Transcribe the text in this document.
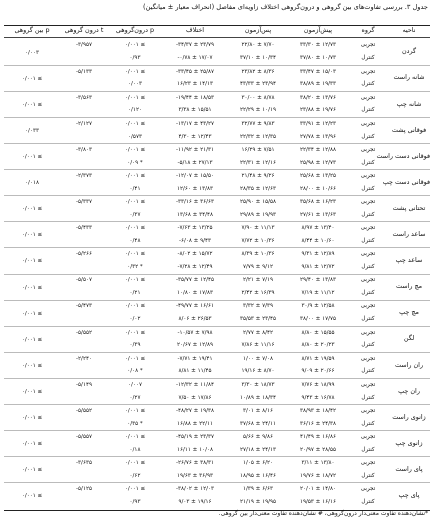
جدول ۳. بررسی تفاوت‌های بین گروهی و درون‌گروهی اختلاف زاویه‌ای مفاصل (انحراف معیار ± میانگین)
ناحیه
گروه
پیش‌آزمون
پس‌آزمون
اختلاف
p درون‌گروهی
t درون گروهی
p بین گروهی
گردن
تجربی
۳۳/۳۰ ± ۱۲/۷۳
۲۲/۸۰ ± ۷/۷۰
-۳۴/۳۷ ± ۲۳/۷۹
۰/۰۰۱ ≤
کنترل
۳۷/۸۰ ± ۱۰/۷۳
۳۷/۱۰ ± ۱۰/۳۴
-۰/۷۸ ± ۱۷/۰۷
۰/۹۳
-۳/۹۵۷
۰/۰۰۳
شانه راست
تجربی
۳۳/۴۷ ± ۱۵/۰۳
۲۳/۸۲ ± ۸/۳۶
-۳۳/۴۵ ± ۲۵/۸۷
۰/۰۰۱ ≤
کنترل
۳۸/۸۹ ± ۱۹/۳۳
۴۳/۳۳ ± ۲۳/۹۴
۱۶/۲۳ ± ۱۴/۱۳
۰/۰۰۳
-۵/۱۳۳
۰/۰۰۱ ≤
شانه چپ
تجربی
۳۸/۲۰ ± ۱۳/۷۶
۳۰/۰۰ ± ۸/۷۸
-۱۹/۴۴ ± ۱۸/۵۳
۰/۰۰۱ ≤
کنترل
۲۳/۸۸ ± ۱۹/۷۶
۲۲/۲۹ ± ۱۰/۱۹
۳/۳۸ ± ۱۵/۵۱
۰/۱۲۰
-۳/۵۶۳
۰/۰۰۱ ≤
فوقانی پشت
تجربی
۳۳/۹۱ ± ۱۲/۲۳
۳۲/۷۷ ± ۹/۸۳
-۱۳/۱۷ ± ۴۳/۲۷
۰/۰۰۱ ≤
کنترل
۲۷/۷۸ ± ۱۳/۹۶
۲۲/۳۲ ± ۱۲/۳۵
۴/۳۰ ± ۱۲/۴۳
۰/۵۷۳
-۲/۱۲۷
۰/۰۳۳
فوقانی دست راست
تجربی
۲۲/۳۴ ± ۱۲/۸۸
۱۶/۲۹ ± ۷/۵۱
-۱۱/۹۲ ± ۲۱/۳۱
۰/۰۰۱ ≤
کنترل
۲۵/۹۸ ± ۱۲/۷۳
۲۲/۳۱ ± ۱۲/۱۶
-۵/۱۸ ± ۲۷/۱۳
۰/۰۹ *
-۳/۸۰۳
۰/۰۰۱ ≤
فوقانی دست چپ
تجربی
۲۵/۶۸ ± ۱۳/۲۵
۲۱/۴۸ ± ۹/۲۶
-۱۲/۰۷ ± ۱۵/۵۰
۰/۰۰۱ ≤
کنترل
۲۸/۰۰ ± ۱۰/۶۶
۲۸/۳۵ ± ۱۲/۶۳
۱۲/۶۰ ± ۱۳/۸۳
۰/۴۱
-۲/۳۷۳
۰/۰۱۸
تحتانی پشت
تجربی
۳۵/۶۸ ± ۱۶/۲۳
۲۵/۹۰ ± ۱۵/۵۸
-۳۳/۱۶ ± ۳۶/۶۳
۰/۰۰۱ ≤
کنترل
۲۷/۶۱ ± ۱۳/۶۳
۲۹/۸۹ ± ۱۹/۹۳
۱۳/۶۸ ± ۳۴/۴۸
۰/۳۷
-۵/۳۳۷
۰/۰۰۱ ≤
ساعد راست
تجربی
۸/۹۷ ± ۱۳/۴۰
۷/۹۰ ± ۱۱/۱۳
-۷/۶۳ ± ۱۳/۲۵
۰/۰۰۱ ≤
کنترل
۸/۴۴ ± ۱۰/۶۰
۷/۷۲ ± ۱۰/۳۶
-۶/۰۸ ± ۹/۴۳
۰/۴۸
-۵/۴۳۳
۰/۰۰۱ ≤
ساعد چپ
تجربی
۹/۳۱ ± ۱۲/۸۹
۸/۳۹ ± ۱۰/۳۶
-۸/۰۲ ± ۱۵/۷۲
۰/۰۰۱ ≤
کنترل
۹/۸۱ ± ۱۲/۷۲
۷/۷۹ ± ۹/۱۲
-۷/۲۸ ± ۱۲/۴۹
۰/۳۲ *
-۵/۲۶۶
۰/۰۰۱ ≤
مچ راست
تجربی
۲۹/۴۰ ± ۱۳/۸۳
۲/۲۱ ± ۷/۱۹
-۳۵/۷۷ ± ۱۲/۴۵
۰/۰۰۱ ≤
کنترل
۷/۱۹ ± ۱۱/۱۲
۲/۴۲ ± ۱۶/۳۹
۱۰/۸۰ ± ۱۷/۸۳
۰/۲۱
-۵/۵۰۷
۰/۰۰۱ ≤
مچ چپ
تجربی
۳۰/۹ ± ۱۲/۵۸
۳/۳۲ ± ۷/۳۹
-۴۹/۷۷ ± ۱۶/۶۱
۰/۰۰۱ ≤
کنترل
۳۸/۰۰ ± ۱۷/۷۵
۳۵/۵۳ ± ۲۳/۴۵
۸/۰۶ ± ۲۶/۵۳
۰/۰۲
-۵/۴۷۳
۰/۰۰۱ ≤
لگن
تجربی
۸/۸۰ ± ۱۵/۵۵
۲/۷۷ ± ۸/۴۲
-۱۰/۵۷ ± ۷/۹۸
۰/۰۰۱ ≤
کنترل
۸/۸۰ ± ۲۰/۲۳
۷/۸۶ ± ۱۱/۱۶
۲۰/۶۷ ± ۱۲/۸۹
۰/۳۹
-۵/۵۵۲
۰/۰۰۱ ≤
ران راست
تجربی
۸/۷۱ ± ۱۹/۵۹
۱/۰۰ ± ۷/۰۸
-۷/۷۱ ± ۱۹/۴۱
۰/۰۰۱ ≤
کنترل
۹/۰۹ ± ۲۰/۶۶
۱۹/۱۶ ± ۸/۷۰
۸/۸۱ ± ۱۱/۴۵
۰/۰۸ *
-۲/۲۴۰
۰/۰۰۱ ≤
ران چپ
تجربی
۷/۷۶ ± ۱۸/۹۹
۳/۳۰ ± ۱۸/۷۳
-۱۲/۳۲ ± ۱۱/۸۴
۰/۰۰۷
کنترل
۹/۴۳ ± ۱۶/۷۸
۱۰/۸۹ ± ۱۸/۳۴
۷/۵۰ ± ۱۷/۸۶
۰/۲۷
-۵/۱۴۹
۰/۰۰۱ ≤
زانوی راست
تجربی
۳۸/۹۳ ± ۱۸/۴۲
۳/۰۱ ± ۸/۱۶
-۴۸/۲۷ ± ۱۹/۳۸
۰/۰۰۱ ≤
کنترل
۳۶/۱۶ ± ۲۴/۳۸
۳۷/۶۸ ± ۲۴/۱۱
۱۶/۸۸ ± ۲۲/۱۱
۰/۳۵ *
-۵/۵۵۲
۰/۰۰۱ ≤
زانوی چپ
تجربی
۴۱/۴۹ ± ۱۶/۸۶
۵/۶۶ ± ۹/۸۶
-۴۵/۱۹ ± ۲۳/۳۷
۰/۰۰۱ ≤
کنترل
۲۰/۹۷ ± ۲۸/۵۵
۲۷/۱۸ ± ۲۴/۱۳
۱۶/۱۱ ± ۱۰/۰۸
۰/۱۸
-۵/۵۵۷
۰/۰۰۱ ≤
پای راست
تجربی
۳/۱۱ ± ۱۳/۸۰
۱/۰۵ ± ۶/۲۰
-۲۶/۷۶ ± ۳۸/۳۱
۰/۰۰۱ ≤
کنترل
۱۹/۷۶ ± ۱۸/۷۲
۱۸/۹۵ ± ۱۶/۴۶
۱۹/۶۳ ± ۳۶/۹۳
۰/۶۲
-۳/۶۳۵
۰/۰۰۱ ≤
پای چپ
تجربی
۲۰/۰۱ ± ۱۴/۸۰
۱/۳۹ ± ۶/۶۳
-۳۸/۰۲ ± ۱۲/۰۳
۰/۰۰۱ ≤
کنترل
۱۹/۵۳ ± ۱۶/۱۶
۲۱/۱۹ ± ۱۹/۹۵
۹/۰۳ ± ۱۹/۱۶
۰/۹۳
-۵/۱۲۵
۰/۰۰۱ ≤
*نشان‌دهنده تفاوت معنی‌دار درون‌گروهی، # نشان‌دهنده تفاوت معنی‌دار بین گروهی.
